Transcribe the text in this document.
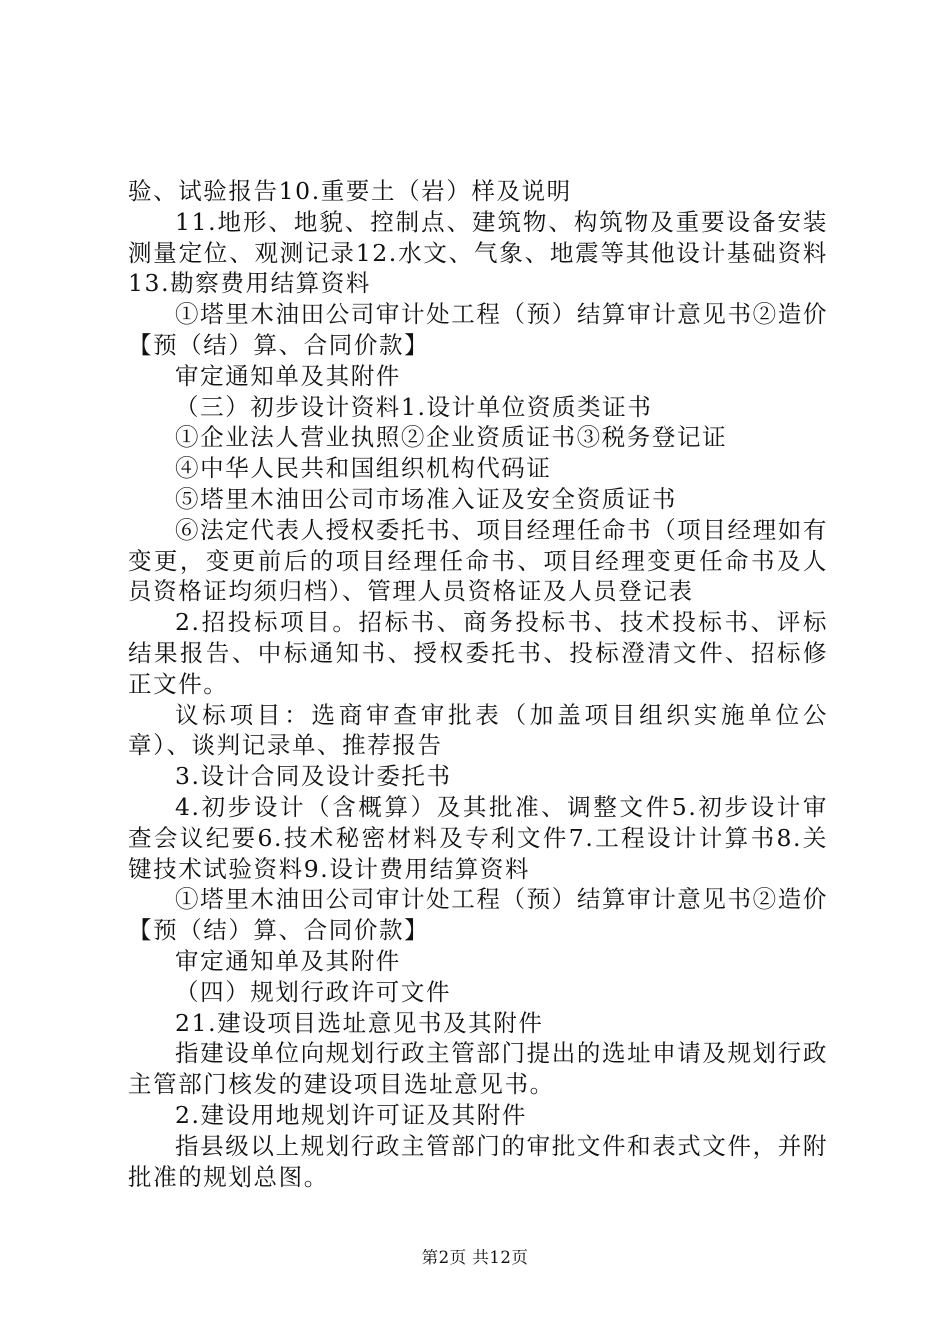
验、试验报告10.重要土（岩）样及说明

11.地形、地貌、控制点、建筑物、构筑物及重要设备安装测量定位、观测记录12.水文、气象、地震等其他设计基础资料13.勘察费用结算资料

①塔里木油田公司审计处工程（预）结算审计意见书②造价【预（结）算、合同价款】

审定通知单及其附件

（三）初步设计资料1.设计单位资质类证书

①企业法人营业执照②企业资质证书③税务登记证

④中华人民共和国组织机构代码证

⑤塔里木油田公司市场准入证及安全资质证书

⑥法定代表人授权委托书、项目经理任命书（项目经理如有变更，变更前后的项目经理任命书、项目经理变更任命书及人员资格证均须归档）、管理人员资格证及人员登记表

2.招投标项目。招标书、商务投标书、技术投标书、评标结果报告、中标通知书、授权委托书、投标澄清文件、招标修正文件。

议标项目：选商审查审批表（加盖项目组织实施单位公章）、谈判记录单、推荐报告

3.设计合同及设计委托书

4.初步设计（含概算）及其批准、调整文件5.初步设计审查会议纪要6.技术秘密材料及专利文件7.工程设计计算书8.关键技术试验资料9.设计费用结算资料

①塔里木油田公司审计处工程（预）结算审计意见书②造价【预（结）算、合同价款】

审定通知单及其附件

（四）规划行政许可文件

21.建设项目选址意见书及其附件

指建设单位向规划行政主管部门提出的选址申请及规划行政主管部门核发的建设项目选址意见书。

2.建设用地规划许可证及其附件

指县级以上规划行政主管部门的审批文件和表式文件，并附批准的规划总图。

第2页 共12页
